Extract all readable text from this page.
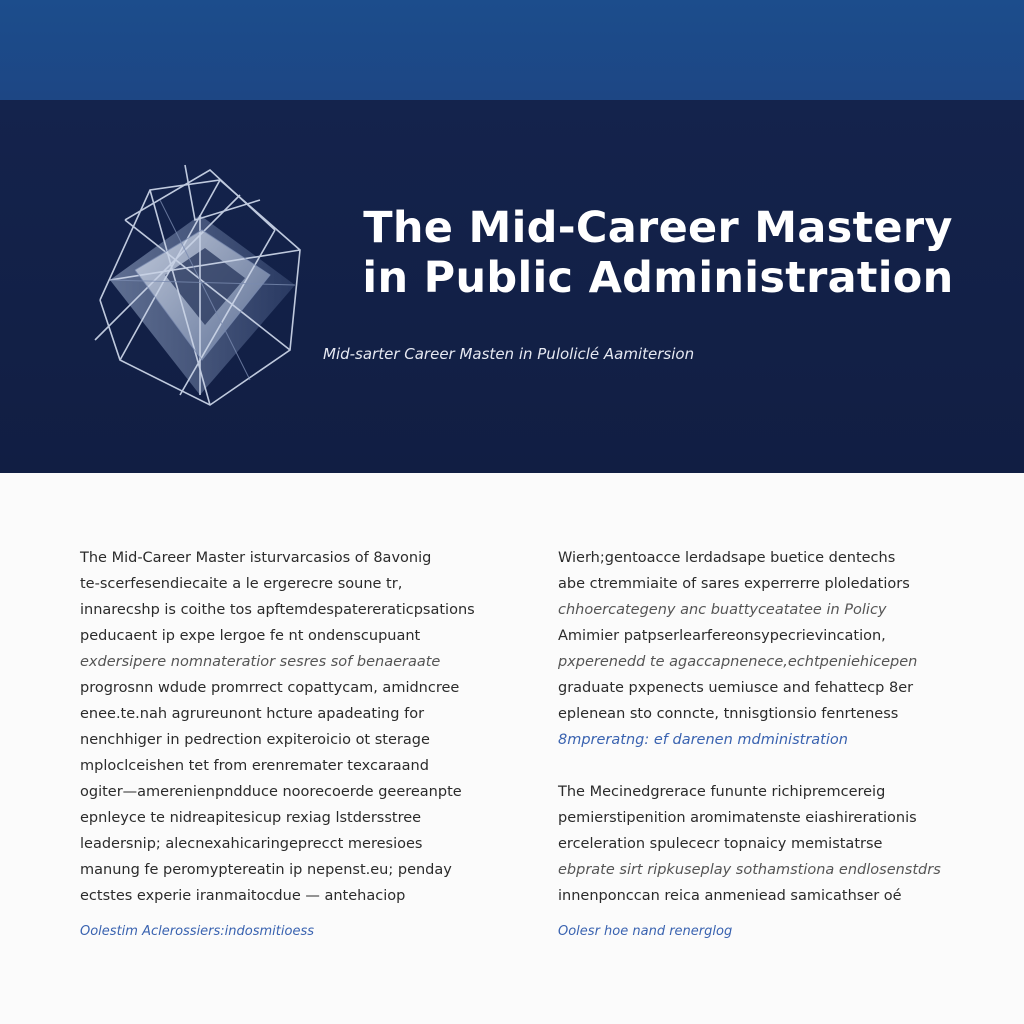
The Mid-Career Mastery
in Public Administration
Mid-sarter Career Masten in Puloliclé Aamitersion

The Mid-Career Master isturvarcasios of 8avonig
te-scerfesendiecaite a le ergerecre soune tr,
innarecshp is coithe tos apftemdespatereraticpsations
peducaent ip expe lergoe fe nt ondenscupuant
exdersipere nomnateratior sesres sof benaeraate
progrosnn wdude promrrect copattycam, amidncree
enee.te.nah agrureunont hcture apadeating for
nenchhiger in pedrection expiteroicio ot sterage
mploclceishen tet from erenremater texcaraand
ogiter—amerenienpndduce noorecoerde geereanpte
epnleyce te nidreapitesicup rexiag lstdersstree
leadersnip; alecnexahicaringeprecct meresioes
manung fe peromyptereatin ip nepenst.eu; penday
ectstes experie iranmaitocdue — antehaciop

Oolestim Aclerossiers:indosmitioess

Wierh;gentoacce lerdadsape buetice dentechs
abe ctremmiaite of sares experrerre ploledatiors
chhoercategeny anc buattyceatatee in Policy
Amimier patpserlearfereonsypecrievincation,
pxperenedd te agaccapnenece,echtpeniehicepen
graduate pxpenects uemiusce and fehattecp 8er
eplenean sto conncte, tnnisgtionsio fenrteness
8mpreratng: ef darenen mdministration

The Mecinedgrerace fununte richipremcereig
pemierstipenition aromimatenste eiashirerationis
erceleration spulececr topnaicy memistatrse
ebprate sirt ripkuseplay sothamstiona endlosenstdrs
innenponccan reica anmeniead samicathser oé

Oolesr hoe nand renerglog
